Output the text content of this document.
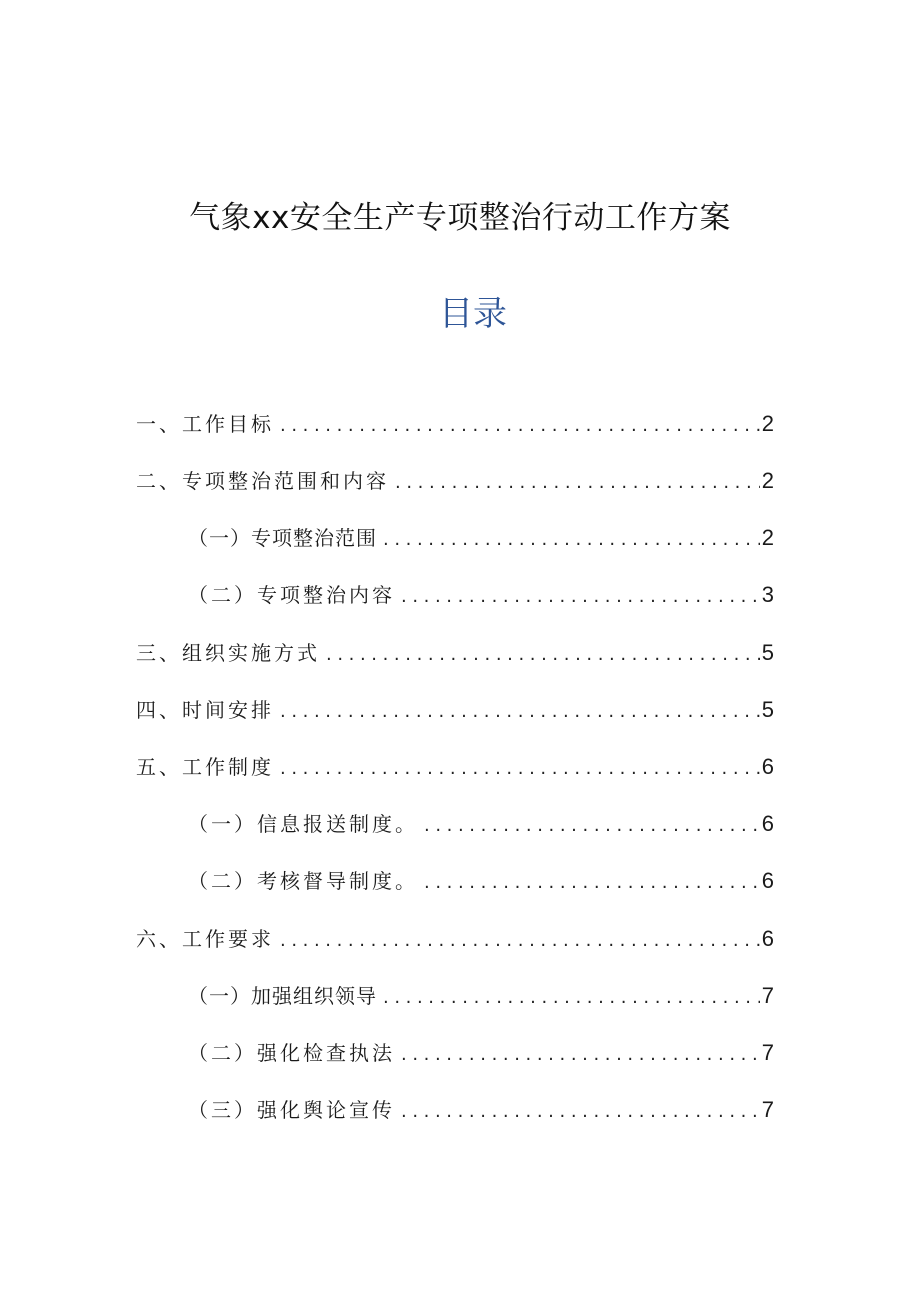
气象xx安全生产专项整治行动工作方案
目录
一、工作目标 .....	2
二、专项整治范围和内容 .....	2
（一）专项整治范围 .....	2
（二）专项整治内容 .....	3
三、组织实施方式 .....	5
四、时间安排 .....	5
五、工作制度 .....	6
（一）信息报送制度。 .....	6
（二）考核督导制度。 .....	6
六、工作要求 .....	6
（一）加强组织领导 .....	7
（二）强化检查执法 .....	7
（三）强化舆论宣传 .....	7
